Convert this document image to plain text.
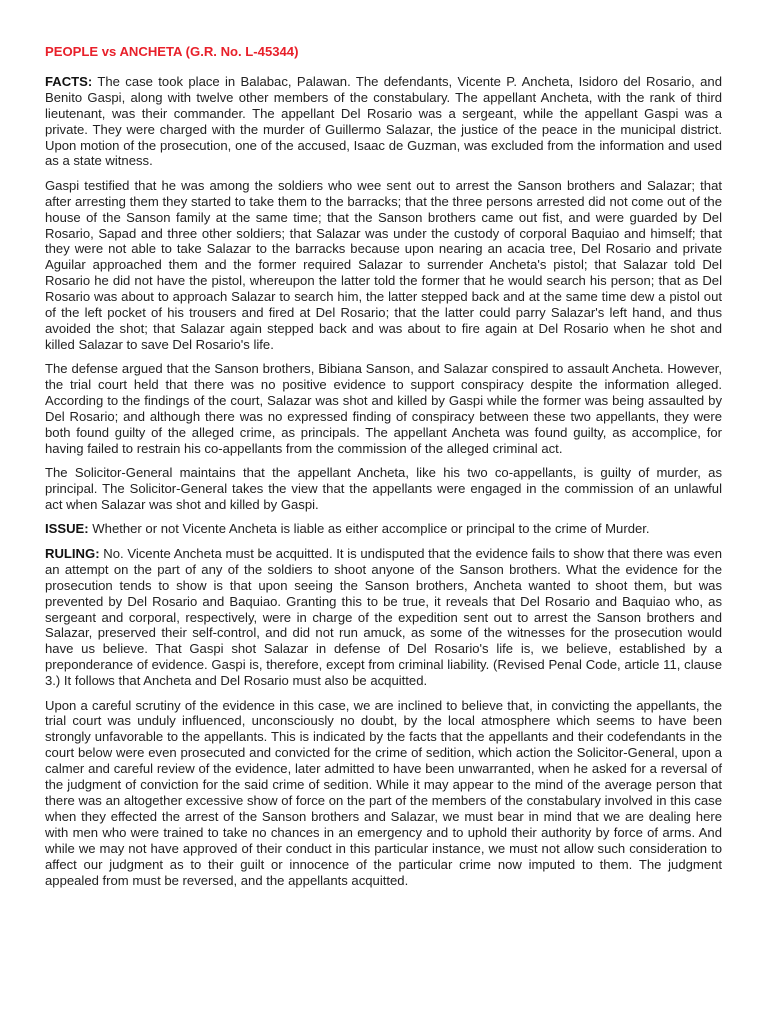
PEOPLE vs ANCHETA (G.R. No. L-45344)

FACTS: The case took place in Balabac, Palawan. The defendants, Vicente P. Ancheta, Isidoro del Rosario, and Benito Gaspi, along with twelve other members of the constabulary. The appellant Ancheta, with the rank of third lieutenant, was their commander. The appellant Del Rosario was a sergeant, while the appellant Gaspi was a private. They were charged with the murder of Guillermo Salazar, the justice of the peace in the municipal district. Upon motion of the prosecution, one of the accused, Isaac de Guzman, was excluded from the information and used as a state witness.

Gaspi testified that he was among the soldiers who wee sent out to arrest the Sanson brothers and Salazar; that after arresting them they started to take them to the barracks; that the three persons arrested did not come out of the house of the Sanson family at the same time; that the Sanson brothers came out fist, and were guarded by Del Rosario, Sapad and three other soldiers; that Salazar was under the custody of corporal Baquiao and himself; that they were not able to take Salazar to the barracks because upon nearing an acacia tree, Del Rosario and private Aguilar approached them and the former required Salazar to surrender Ancheta's pistol; that Salazar told Del Rosario he did not have the pistol, whereupon the latter told the former that he would search his person; that as Del Rosario was about to approach Salazar to search him, the latter stepped back and at the same time dew a pistol out of the left pocket of his trousers and fired at Del Rosario; that the latter could parry Salazar's left hand, and thus avoided the shot; that Salazar again stepped back and was about to fire again at Del Rosario when he shot and killed Salazar to save Del Rosario's life.

The defense argued that the Sanson brothers, Bibiana Sanson, and Salazar conspired to assault Ancheta. However, the trial court held that there was no positive evidence to support conspiracy despite the information alleged. According to the findings of the court, Salazar was shot and killed by Gaspi while the former was being assaulted by Del Rosario; and although there was no expressed finding of conspiracy between these two appellants, they were both found guilty of the alleged crime, as principals. The appellant Ancheta was found guilty, as accomplice, for having failed to restrain his co-appellants from the commission of the alleged criminal act.

The Solicitor-General maintains that the appellant Ancheta, like his two co-appellants, is guilty of murder, as principal. The Solicitor-General takes the view that the appellants were engaged in the commission of an unlawful act when Salazar was shot and killed by Gaspi.

ISSUE: Whether or not Vicente Ancheta is liable as either accomplice or principal to the crime of Murder.

RULING: No. Vicente Ancheta must be acquitted. It is undisputed that the evidence fails to show that there was even an attempt on the part of any of the soldiers to shoot anyone of the Sanson brothers. What the evidence for the prosecution tends to show is that upon seeing the Sanson brothers, Ancheta wanted to shoot them, but was prevented by Del Rosario and Baquiao. Granting this to be true, it reveals that Del Rosario and Baquiao who, as sergeant and corporal, respectively, were in charge of the expedition sent out to arrest the Sanson brothers and Salazar, preserved their self-control, and did not run amuck, as some of the witnesses for the prosecution would have us believe. That Gaspi shot Salazar in defense of Del Rosario's life is, we believe, established by a preponderance of evidence. Gaspi is, therefore, except from criminal liability. (Revised Penal Code, article 11, clause 3.) It follows that Ancheta and Del Rosario must also be acquitted.

Upon a careful scrutiny of the evidence in this case, we are inclined to believe that, in convicting the appellants, the trial court was unduly influenced, unconsciously no doubt, by the local atmosphere which seems to have been strongly unfavorable to the appellants. This is indicated by the facts that the appellants and their codefendants in the court below were even prosecuted and convicted for the crime of sedition, which action the Solicitor-General, upon a calmer and careful review of the evidence, later admitted to have been unwarranted, when he asked for a reversal of the judgment of conviction for the said crime of sedition. While it may appear to the mind of the average person that there was an altogether excessive show of force on the part of the members of the constabulary involved in this case when they effected the arrest of the Sanson brothers and Salazar, we must bear in mind that we are dealing here with men who were trained to take no chances in an emergency and to uphold their authority by force of arms. And while we may not have approved of their conduct in this particular instance, we must not allow such consideration to affect our judgment as to their guilt or innocence of the particular crime now imputed to them. The judgment appealed from must be reversed, and the appellants acquitted.
